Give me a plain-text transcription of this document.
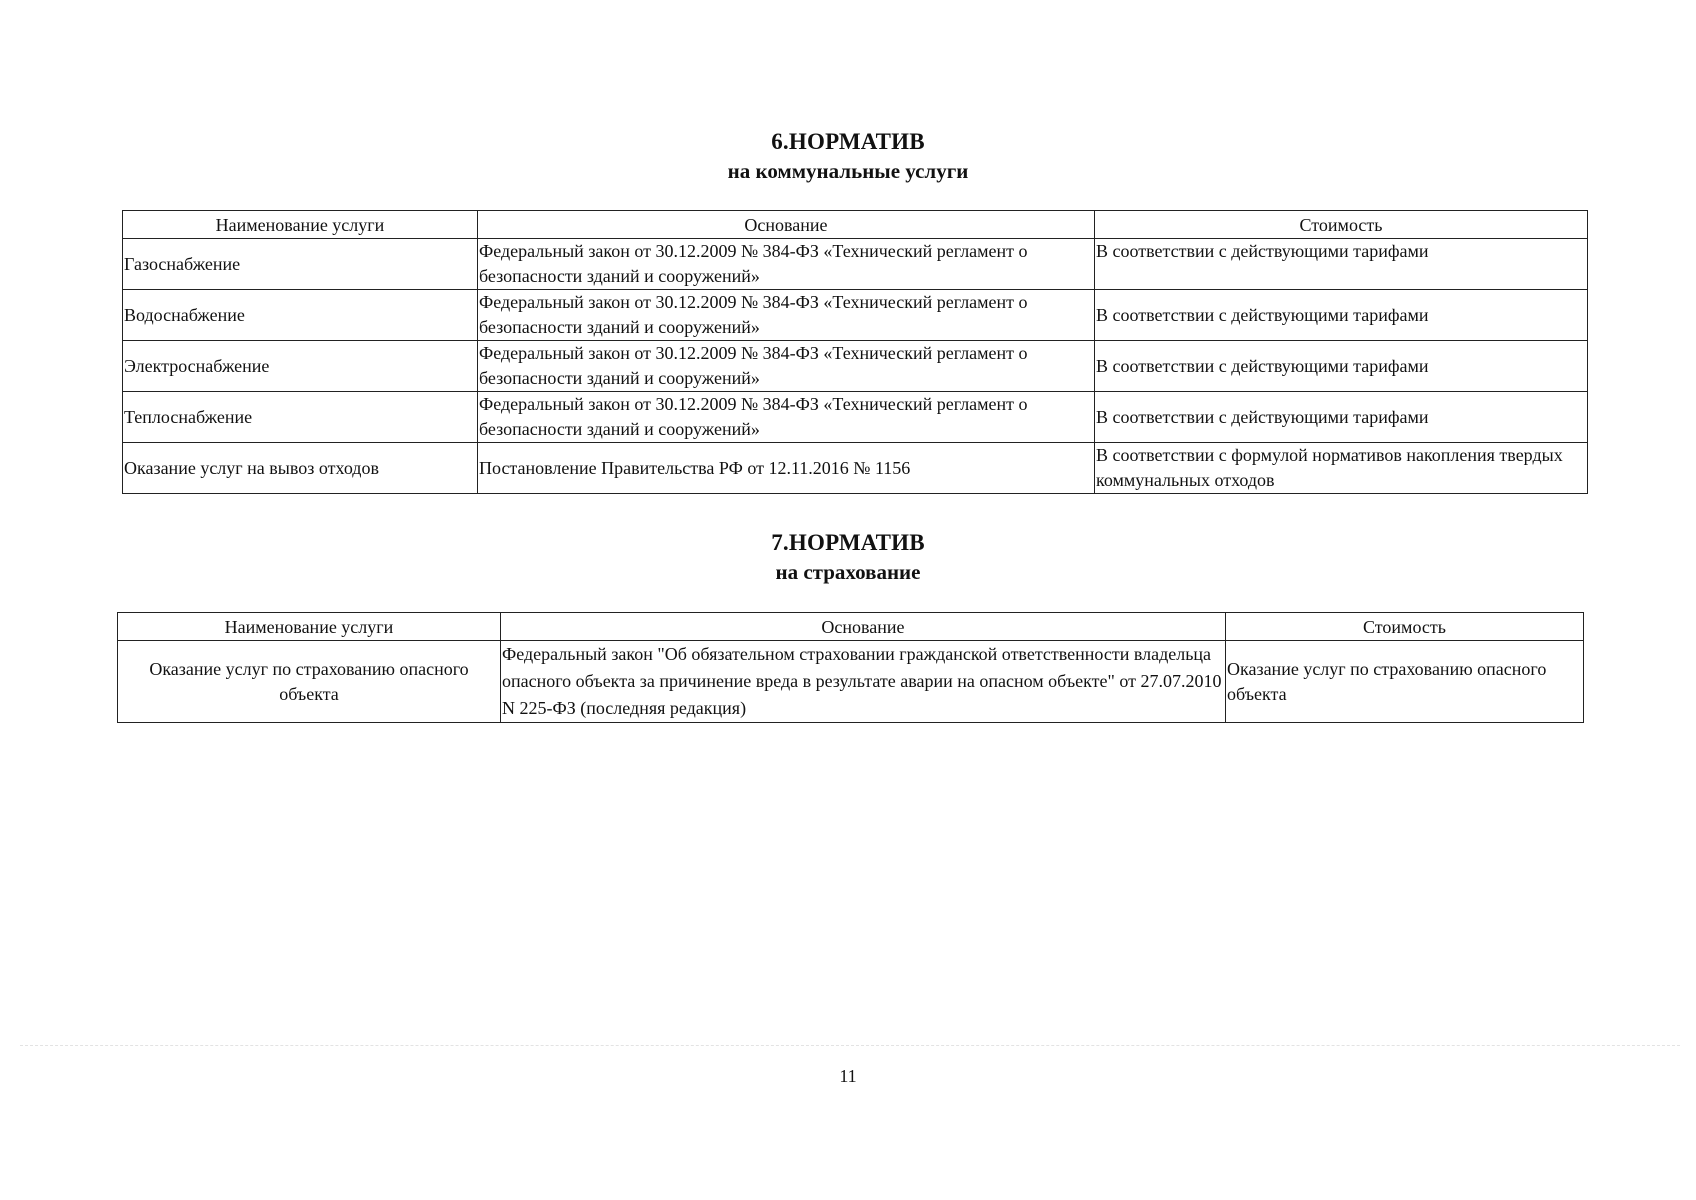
6.НОРМАТИВ
на коммунальные услуги
Наименование услуги	Основание	Стоимость
Газоснабжение	Федеральный закон от 30.12.2009 № 384-ФЗ «Технический регламент о безопасности зданий и сооружений»	В соответствии с действующими тарифами
Водоснабжение	Федеральный закон от 30.12.2009 № 384-ФЗ «Технический регламент о безопасности зданий и сооружений»	В соответствии с действующими тарифами
Электроснабжение	Федеральный закон от 30.12.2009 № 384-ФЗ «Технический регламент о безопасности зданий и сооружений»	В соответствии с действующими тарифами
Теплоснабжение	Федеральный закон от 30.12.2009 № 384-ФЗ «Технический регламент о безопасности зданий и сооружений»	В соответствии с действующими тарифами
Оказание услуг на вывоз отходов	Постановление Правительства РФ от 12.11.2016 № 1156	В соответствии с формулой нормативов накопления твердых коммунальных отходов
7.НОРМАТИВ
на страхование
Наименование услуги	Основание	Стоимость
Оказание услуг по страхованию опасного объекта	Федеральный закон "Об обязательном страховании гражданской ответственности владельца опасного объекта за причинение вреда в результате аварии на опасном объекте" от 27.07.2010 N 225-ФЗ (последняя редакция)	Оказание услуг по страхованию опасного объекта
11
